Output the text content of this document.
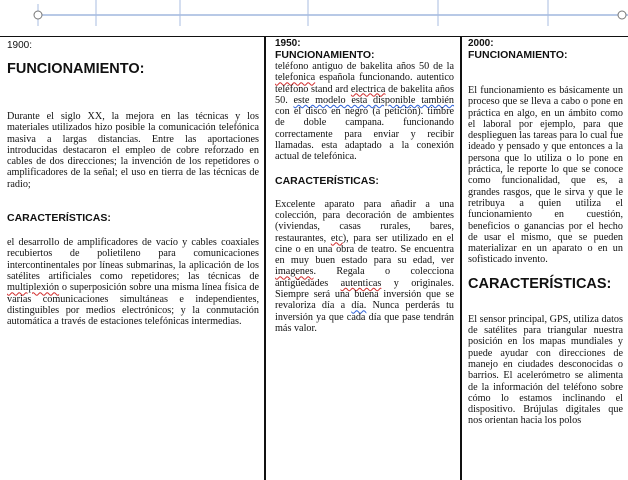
1900:
FUNCIONAMIENTO:

Durante el siglo XX, la mejora en las técnicas y los materiales utilizados hizo posible la comunicación telefónica masiva a largas distancias. Entre las aportaciones introducidas destacaron el empleo de cobre reforzado en cables de dos direcciones; la invención de los repetidores o amplificadores de la señal; el uso en tierra de las técnicas de radio;

CARACTERÍSTICAS:

el desarrollo de amplificadores de vacío y cables coaxiales recubiertos de polietileno para comunicaciones intercontinentales por líneas submarinas, la aplicación de los satélites artificiales como repetidores; las técnicas de multiplexión o superposición sobre una misma línea física de varias comunicaciones simultáneas e independientes, distinguibles por medios electrónicos; y la conmutación automática a través de estaciones telefónicas intermedias.

1950:
FUNCIONAMIENTO:

teléfono antiguo de bakelita años 50 de la telefonica española funcionando. autentico teléfono stand ard electrica de bakelita años 50. este modelo esta disponible también con el disco en negro (a petición). timbre de doble campana. funcionando correctamente para enviar y recibir llamadas. esta adaptado a la conexión actual de telefónica.

CARACTERÍSTICAS:

Excelente aparato para añadir a una colección, para decoración de ambientes (viviendas, casas rurales, bares, restaurantes, etc), para ser utilizado en el cine o en una obra de teatro. Se encuentra en muy buen estado para su edad, ver imagenes. Regala o colecciona antigüedades autenticas y originales. Siempre será una buena inversión que se revaloriza día a día. Nunca perderás tu inversión ya que cada día que pase tendrán más valor.

2000:
FUNCIONAMIENTO:

El funcionamiento es básicamente un proceso que se lleva a cabo o pone en práctica en algo, en un ámbito como el laboral por ejemplo, para que desplieguen las tareas para lo cual fue ideado y pensado y que entonces a la persona que lo utiliza o lo pone en práctica, le reporte lo que se conoce como funcionalidad, que es, a grandes rasgos, que le sirva y que le retribuya a quien utiliza el funcionamiento en cuestión, beneficios o ganancias por el hecho de usar el mismo, que se pueden materializar en un aparato o en un sofisticado invento.

CARACTERÍSTICAS:

El sensor principal, GPS, utiliza datos de satélites para triangular nuestra posición en los mapas mundiales y puede ayudar con direcciones de manejo en ciudades desconocidas o barrios. El acelerómetro se alimenta de la información del teléfono sobre cómo lo estamos inclinando el dispositivo. Brújulas digitales que nos orientan hacia los polos
